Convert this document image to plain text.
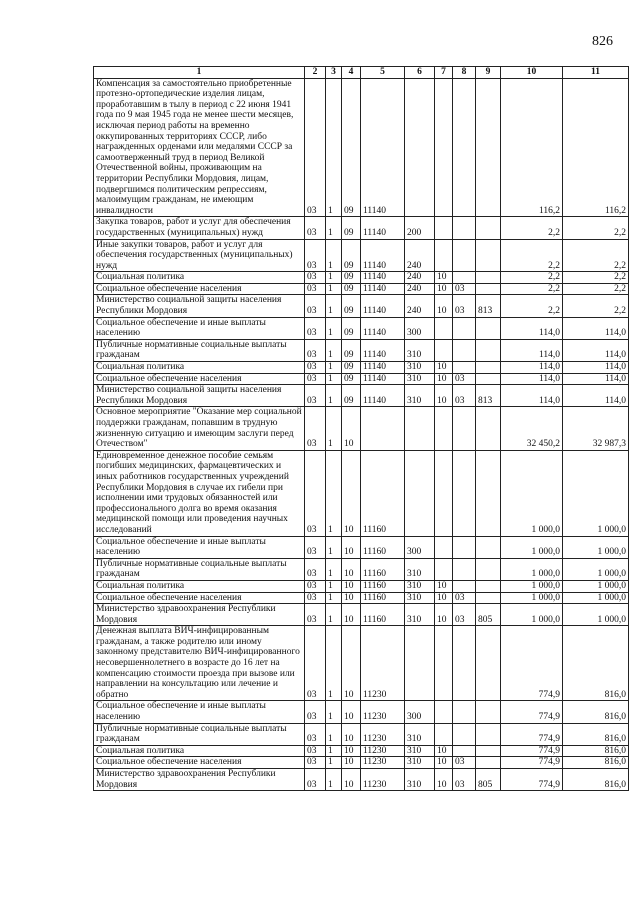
826
1	2	3	4	5	6	7	8	9	10	11
Компенсация за самостоятельно приобретенные протезно-ортопедические изделия лицам, проработавшим в тылу в период с 22 июня 1941 года по 9 мая 1945 года не менее шести месяцев, исключая период работы на временно оккупированных территориях СССР, либо награжденных орденами или медалями СССР за самоотверженный труд в период Великой Отечественной войны, проживающим на территории Республики Мордовия, лицам, подвергшимся политическим репрессиям, малоимущим гражданам, не имеющим инвалидности	03	1	09	11140					116,2	116,2
Закупка товаров, работ и услуг для обеспечения государственных (муниципальных) нужд	03	1	09	11140	200				2,2	2,2
Иные закупки товаров, работ и услуг для обеспечения государственных (муниципальных) нужд	03	1	09	11140	240				2,2	2,2
Социальная политика	03	1	09	11140	240	10			2,2	2,2
Социальное обеспечение населения	03	1	09	11140	240	10	03		2,2	2,2
Министерство социальной защиты населения Республики Мордовия	03	1	09	11140	240	10	03	813	2,2	2,2
Социальное обеспечение и иные выплаты населению	03	1	09	11140	300				114,0	114,0
Публичные нормативные социальные выплаты гражданам	03	1	09	11140	310				114,0	114,0
Социальная политика	03	1	09	11140	310	10			114,0	114,0
Социальное обеспечение населения	03	1	09	11140	310	10	03		114,0	114,0
Министерство социальной защиты населения Республики Мордовия	03	1	09	11140	310	10	03	813	114,0	114,0
Основное мероприятие "Оказание мер социальной поддержки гражданам, попавшим в трудную жизненную ситуацию и имеющим заслуги перед Отечеством"	03	1	10						32 450,2	32 987,3
Единовременное денежное пособие семьям погибших медицинских, фармацевтических и иных работников государственных учреждений Республики Мордовия в случае их гибели при исполнении ими трудовых обязанностей или профессионального долга во время оказания медицинской помощи или проведения научных исследований	03	1	10	11160					1 000,0	1 000,0
Социальное обеспечение и иные выплаты населению	03	1	10	11160	300				1 000,0	1 000,0
Публичные нормативные социальные выплаты гражданам	03	1	10	11160	310				1 000,0	1 000,0
Социальная политика	03	1	10	11160	310	10			1 000,0	1 000,0
Социальное обеспечение населения	03	1	10	11160	310	10	03		1 000,0	1 000,0
Министерство здравоохранения Республики Мордовия	03	1	10	11160	310	10	03	805	1 000,0	1 000,0
Денежная выплата ВИЧ-инфицированным гражданам, а также родителю или иному законному представителю ВИЧ-инфицированного несовершеннолетнего в возрасте до 16 лет на компенсацию стоимости проезда при вызове или направлении на консультацию или лечение и обратно	03	1	10	11230					774,9	816,0
Социальное обеспечение и иные выплаты населению	03	1	10	11230	300				774,9	816,0
Публичные нормативные социальные выплаты гражданам	03	1	10	11230	310				774,9	816,0
Социальная политика	03	1	10	11230	310	10			774,9	816,0
Социальное обеспечение населения	03	1	10	11230	310	10	03		774,9	816,0
Министерство здравоохранения Республики Мордовия	03	1	10	11230	310	10	03	805	774,9	816,0
